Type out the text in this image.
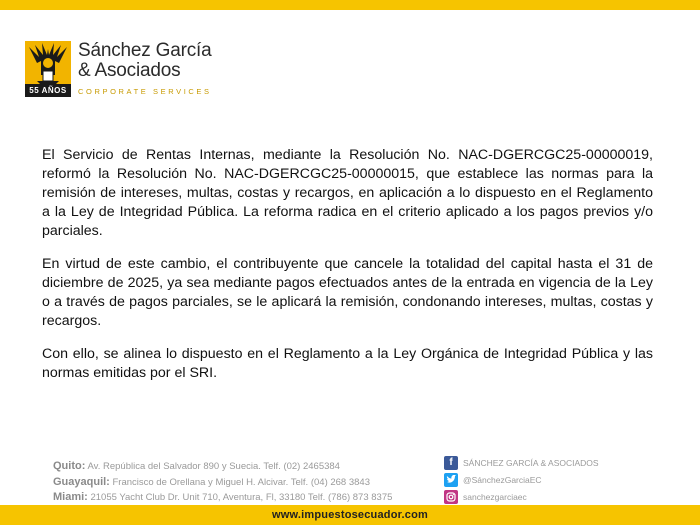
55 AÑOS
Sánchez García
& Asociados
CORPORATE SERVICES

El Servicio de Rentas Internas, mediante la Resolución No. NAC-DGERCGC25-00000019, reformó la Resolución No. NAC-DGERCGC25-00000015, que establece las normas para la remisión de intereses, multas, costas y recargos, en aplicación a lo dispuesto en el Reglamento a la Ley de Integridad Pública. La reforma radica en el criterio aplicado a los pagos previos y/o parciales.

En virtud de este cambio, el contribuyente que cancele la totalidad del capital hasta el 31 de diciembre de 2025, ya sea mediante pagos efectuados antes de la entrada en vigencia de la Ley o a través de pagos parciales, se le aplicará la remisión, condonando intereses, multas, costas y recargos.

Con ello, se alinea lo dispuesto en el Reglamento a la Ley Orgánica de Integridad Pública y las normas emitidas por el SRI.

Quito: Av. República del Salvador 890 y Suecia. Telf. (02) 2465384
Guayaquil: Francisco de Orellana y Miguel H. Alcivar. Telf. (04) 268 3843
Miami: 21055 Yacht Club Dr. Unit 710, Aventura, Fl, 33180 Telf. (786) 873 8375
f	SÁNCHEZ GARCÍA & ASOCIADOS
@SánchezGarciaEC
sanchezgarciaec
www.impuestosecuador.com
